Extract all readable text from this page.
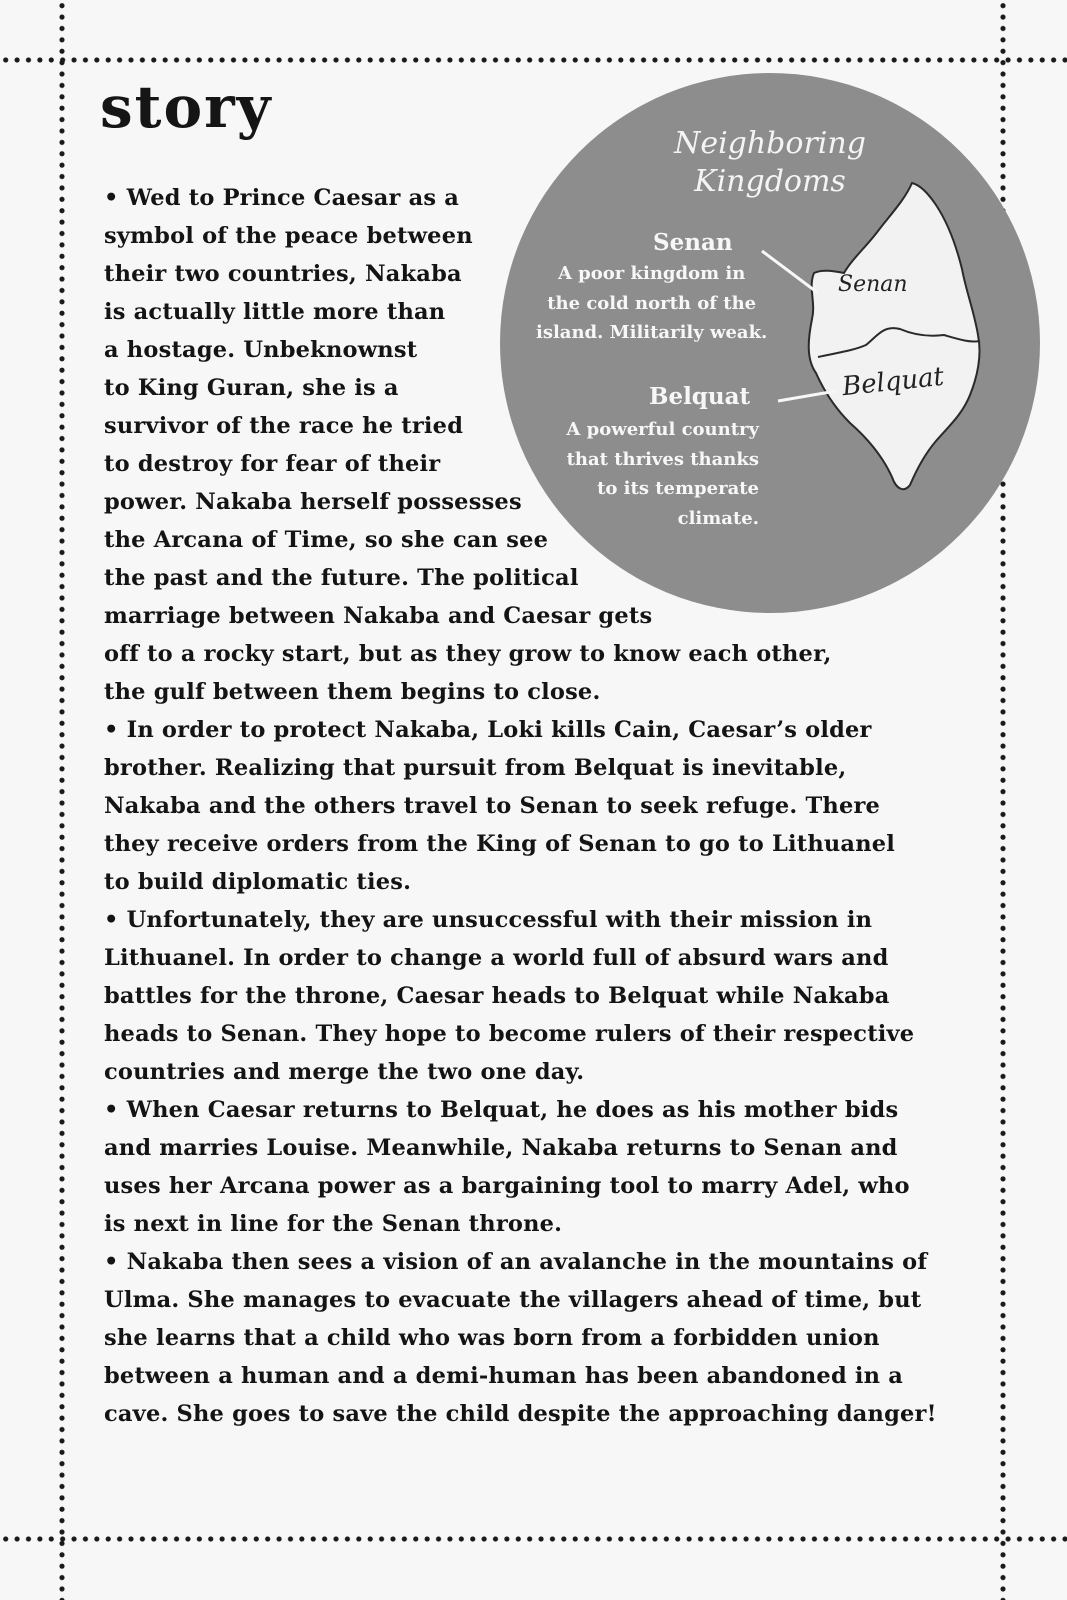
story
Neighboring
Kingdoms
Senan
Belquat
Senan
A poor kingdom in
the cold north of the
island. Militarily weak.
Belquat
A powerful country
that thrives thanks
to its temperate
climate.

• Wed to Prince Caesar as a

symbol of the peace between

their two countries, Nakaba

is actually little more than

a hostage. Unbeknownst

to King Guran, she is a

survivor of the race he tried

to destroy for fear of their

power. Nakaba herself possesses

the Arcana of Time, so she can see

the past and the future. The political

marriage between Nakaba and Caesar gets

off to a rocky start, but as they grow to know each other,

the gulf between them begins to close.

• In order to protect Nakaba, Loki kills Cain, Caesar’s older

brother. Realizing that pursuit from Belquat is inevitable,

Nakaba and the others travel to Senan to seek refuge. There

they receive orders from the King of Senan to go to Lithuanel

to build diplomatic ties.

• Unfortunately, they are unsuccessful with their mission in

Lithuanel. In order to change a world full of absurd wars and

battles for the throne, Caesar heads to Belquat while Nakaba

heads to Senan. They hope to become rulers of their respective

countries and merge the two one day.

• When Caesar returns to Belquat, he does as his mother bids

and marries Louise. Meanwhile, Nakaba returns to Senan and

uses her Arcana power as a bargaining tool to marry Adel, who

is next in line for the Senan throne.

• Nakaba then sees a vision of an avalanche in the mountains of

Ulma. She manages to evacuate the villagers ahead of time, but

she learns that a child who was born from a forbidden union

between a human and a demi-human has been abandoned in a

cave. She goes to save the child despite the approaching danger!
